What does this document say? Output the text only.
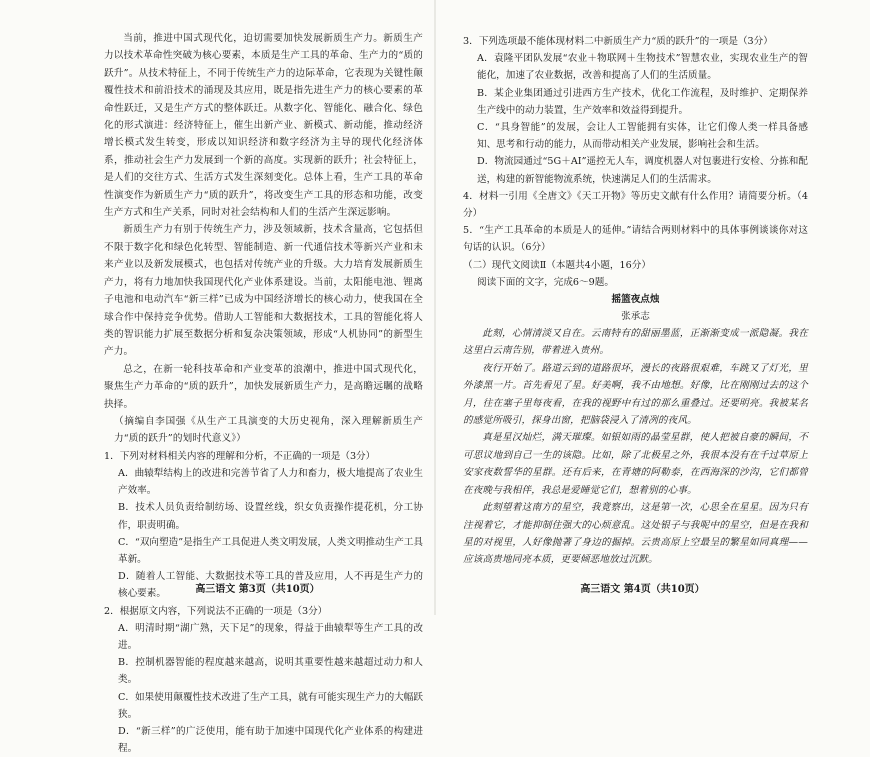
当前，推进中国式现代化，迫切需要加快发展新质生产力。新质生产力以技术革命性突破为核心要素，本质是生产工具的革命、生产力的“质的跃升”。从技术特征上，不同于传统生产力的边际革命，它表现为关键性颠覆性技术和前沿技术的涌现及其应用，既是指先进生产力的核心要素的革命性跃迁，又是生产方式的整体跃迁。从数字化、智能化、融合化、绿色化的形式演进：经济特征上，催生出新产业、新模式、新动能，推动经济增长模式发生转变，形成以知识经济和数字经济为主导的现代化经济体系，推动社会生产力发展到一个新的高度。实现新的跃升；社会特征上，是人们的交往方式、生活方式发生深刻变化。总体上看，生产工具的革命性演变作为新质生产力“质的跃升”，将改变生产工具的形态和功能，改变生产方式和生产关系，同时对社会结构和人们的生活产生深远影响。

新质生产力有别于传统生产力，涉及领域新，技术含量高，它包括但不限于数字化和绿色化转型、智能制造、新一代通信技术等新兴产业和未来产业以及新发展模式，也包括对传统产业的升级。大力培育发展新质生产力，将有力地加快我国现代化产业体系建设。当前，太阳能电池、锂离子电池和电动汽车“新三样”已成为中国经济增长的核心动力，使我国在全球合作中保持竞争优势。借助人工智能和大数据技术，工具的智能化将人类的智识能力扩展至数据分析和复杂决策领域，形成“人机协同”的新型生产力。

总之，在新一轮科技革命和产业变革的浪潮中，推进中国式现代化，聚焦生产力革命的“质的跃升”，加快发展新质生产力，是高瞻远瞩的战略抉择。

（摘编自李国强《从生产工具演变的大历史视角，深入理解新质生产力“质的跃升”的划时代意义》）

1．下列对材料相关内容的理解和分析，不正确的一项是（3分）

A．曲辕犁结构上的改进和完善节省了人力和畜力，极大地提高了农业生产效率。

B．技术人员负责给制纺场、设置丝线，织女负责操作提花机，分工协作，职责明确。

C．“双向塑造”是指生产工具促进人类文明发展，人类文明推动生产工具革新。

D．随着人工智能、大数据技术等工具的普及应用，人不再是生产力的核心要素。

2．根据原文内容，下列说法不正确的一项是（3分）

A．明清时期“湖广熟，天下足”的现象，得益于曲辕犁等生产工具的改进。

B．控制机器智能的程度越来越高，说明其重要性越来越超过动力和人类。

C．如果使用颠覆性技术改进了生产工具，就有可能实现生产力的大幅跃狭。

D．“新三样”的广泛使用，能有助于加速中国现代化产业体系的构建进程。

高三语文 第3页（共10页）

3．下列选项最不能体现材料二中新质生产力“质的跃升”的一项是（3分）

A．袁隆平团队发展“农业＋物联网＋生物技术”智慧农业，实现农业生产的智能化，加速了农业数据，改善和提高了人们的生活质量。

B．某企业集团通过引进西方生产技术，优化工作流程，及时维护、定期保养生产线中的动力装置，生产效率和效益得到提升。

C．“具身智能”的发展，会让人工智能拥有实体，让它们像人类一样具备感知、思考和行动的能力，从而带动相关产业发展，影响社会和生活。

D．物流园通过“5G＋AI”遥控无人车，调度机器人对包裹进行安检、分拣和配送，构建的新智能物流系统，快速满足人们的生活需求。

4．材料一引用《全唐文》《天工开物》等历史文献有什么作用？请简要分析。（4分）

5．“生产工具革命的本质是人的延伸。”请结合两则材料中的具体事例谈谈你对这句话的认识。（6分）

（二）现代文阅读Ⅱ（本题共4小题，16分）

阅读下面的文字，完成6～9题。

摇篮夜点烛

张承志

此刻，心情清淡又自在。云南特有的甜丽墨蓝，正渐渐变成一派隐凝。我在这里白云南告别，带着进入贵州。

夜行开始了。路道云到的道路很坏，漫长的夜路很艰难，车跳又了灯光，里外漆黑一片。首先看见了星。好美啊，我不由地想。好像，比在刚刚过去的这个月，往在塞子里每夜看，在我的视野中有过的那么重叠过。还要明亮。我被某名的感觉所吸引，探身出窗，把脑袋浸入了清冽的夜风。

真是星汉灿烂，满天璀璨。如银如雨的晶莹星群，使人把被自豪的瞬间，不可思议地到自己一生的该隐。比如，除了北极星之外，我很本没有在千过草原上安家夜数誓华的星群。还有后来，在青塘的阿勒泰，在西海深的沙沟，它们都曾在夜晚与我相伴，我总是爱睡觉它们，想着别的心事。

此刻望着这南方的星空，我竟察出，这是第一次，心思全在星星。因为只有注视着它，才能抑制住强大的心烦意乱。这处银子与我呢中的星空，但是在我和星的对视里，人好像抛著了身边的掘掉。云贵高原上空最呈的繁星如同真理——应该高贵地同亮本质，更要倾恶地放过沉默。

高三语文 第4页（共10页）
